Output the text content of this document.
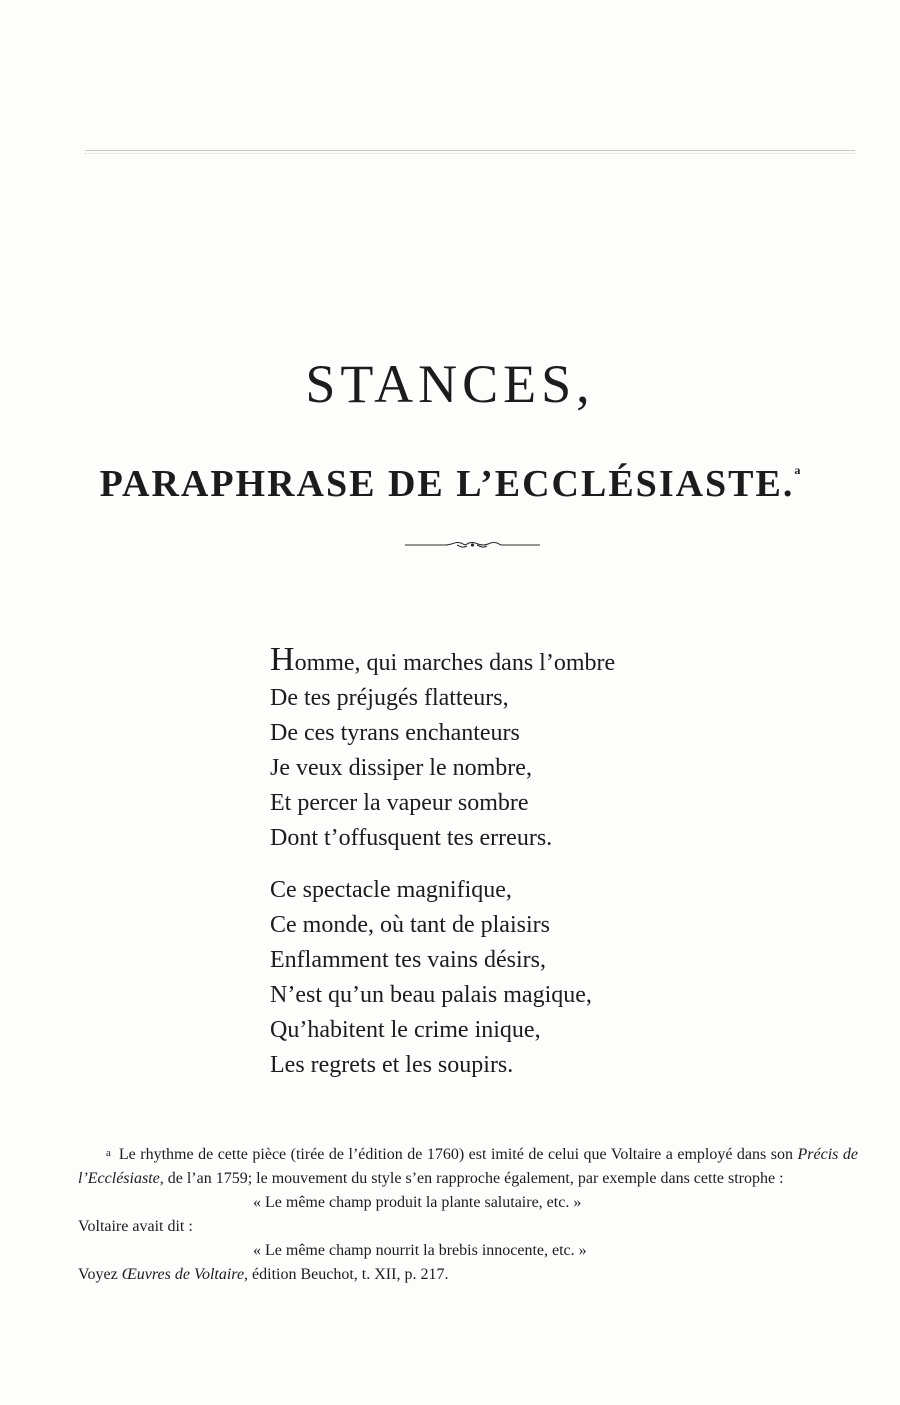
STANCES,
PARAPHRASE DE L’ECCLÉSIASTE.$^a$
Homme, qui marches dans l’ombre
De tes préjugés flatteurs,
De ces tyrans enchanteurs
Je veux dissiper le nombre,
Et percer la vapeur sombre
Dont t’offusquent tes erreurs.
Ce spectacle magnifique,
Ce monde, où tant de plaisirs
Enflamment tes vains désirs,
N’est qu’un beau palais magique,
Qu’habitent le crime inique,
Les regrets et les soupirs.

a Le rhythme de cette pièce (tirée de l’édition de 1760) est imité de celui que Voltaire a employé dans son Précis de l’Ecclésiaste, de l’an 1759; le mouvement du style s’en rapproche également, par exemple dans cette strophe :

« Le même champ produit la plante salutaire, etc. »

Voltaire avait dit :

« Le même champ nourrit la brebis innocente, etc. »

Voyez Œuvres de Voltaire, édition Beuchot, t. XII, p. 217.
